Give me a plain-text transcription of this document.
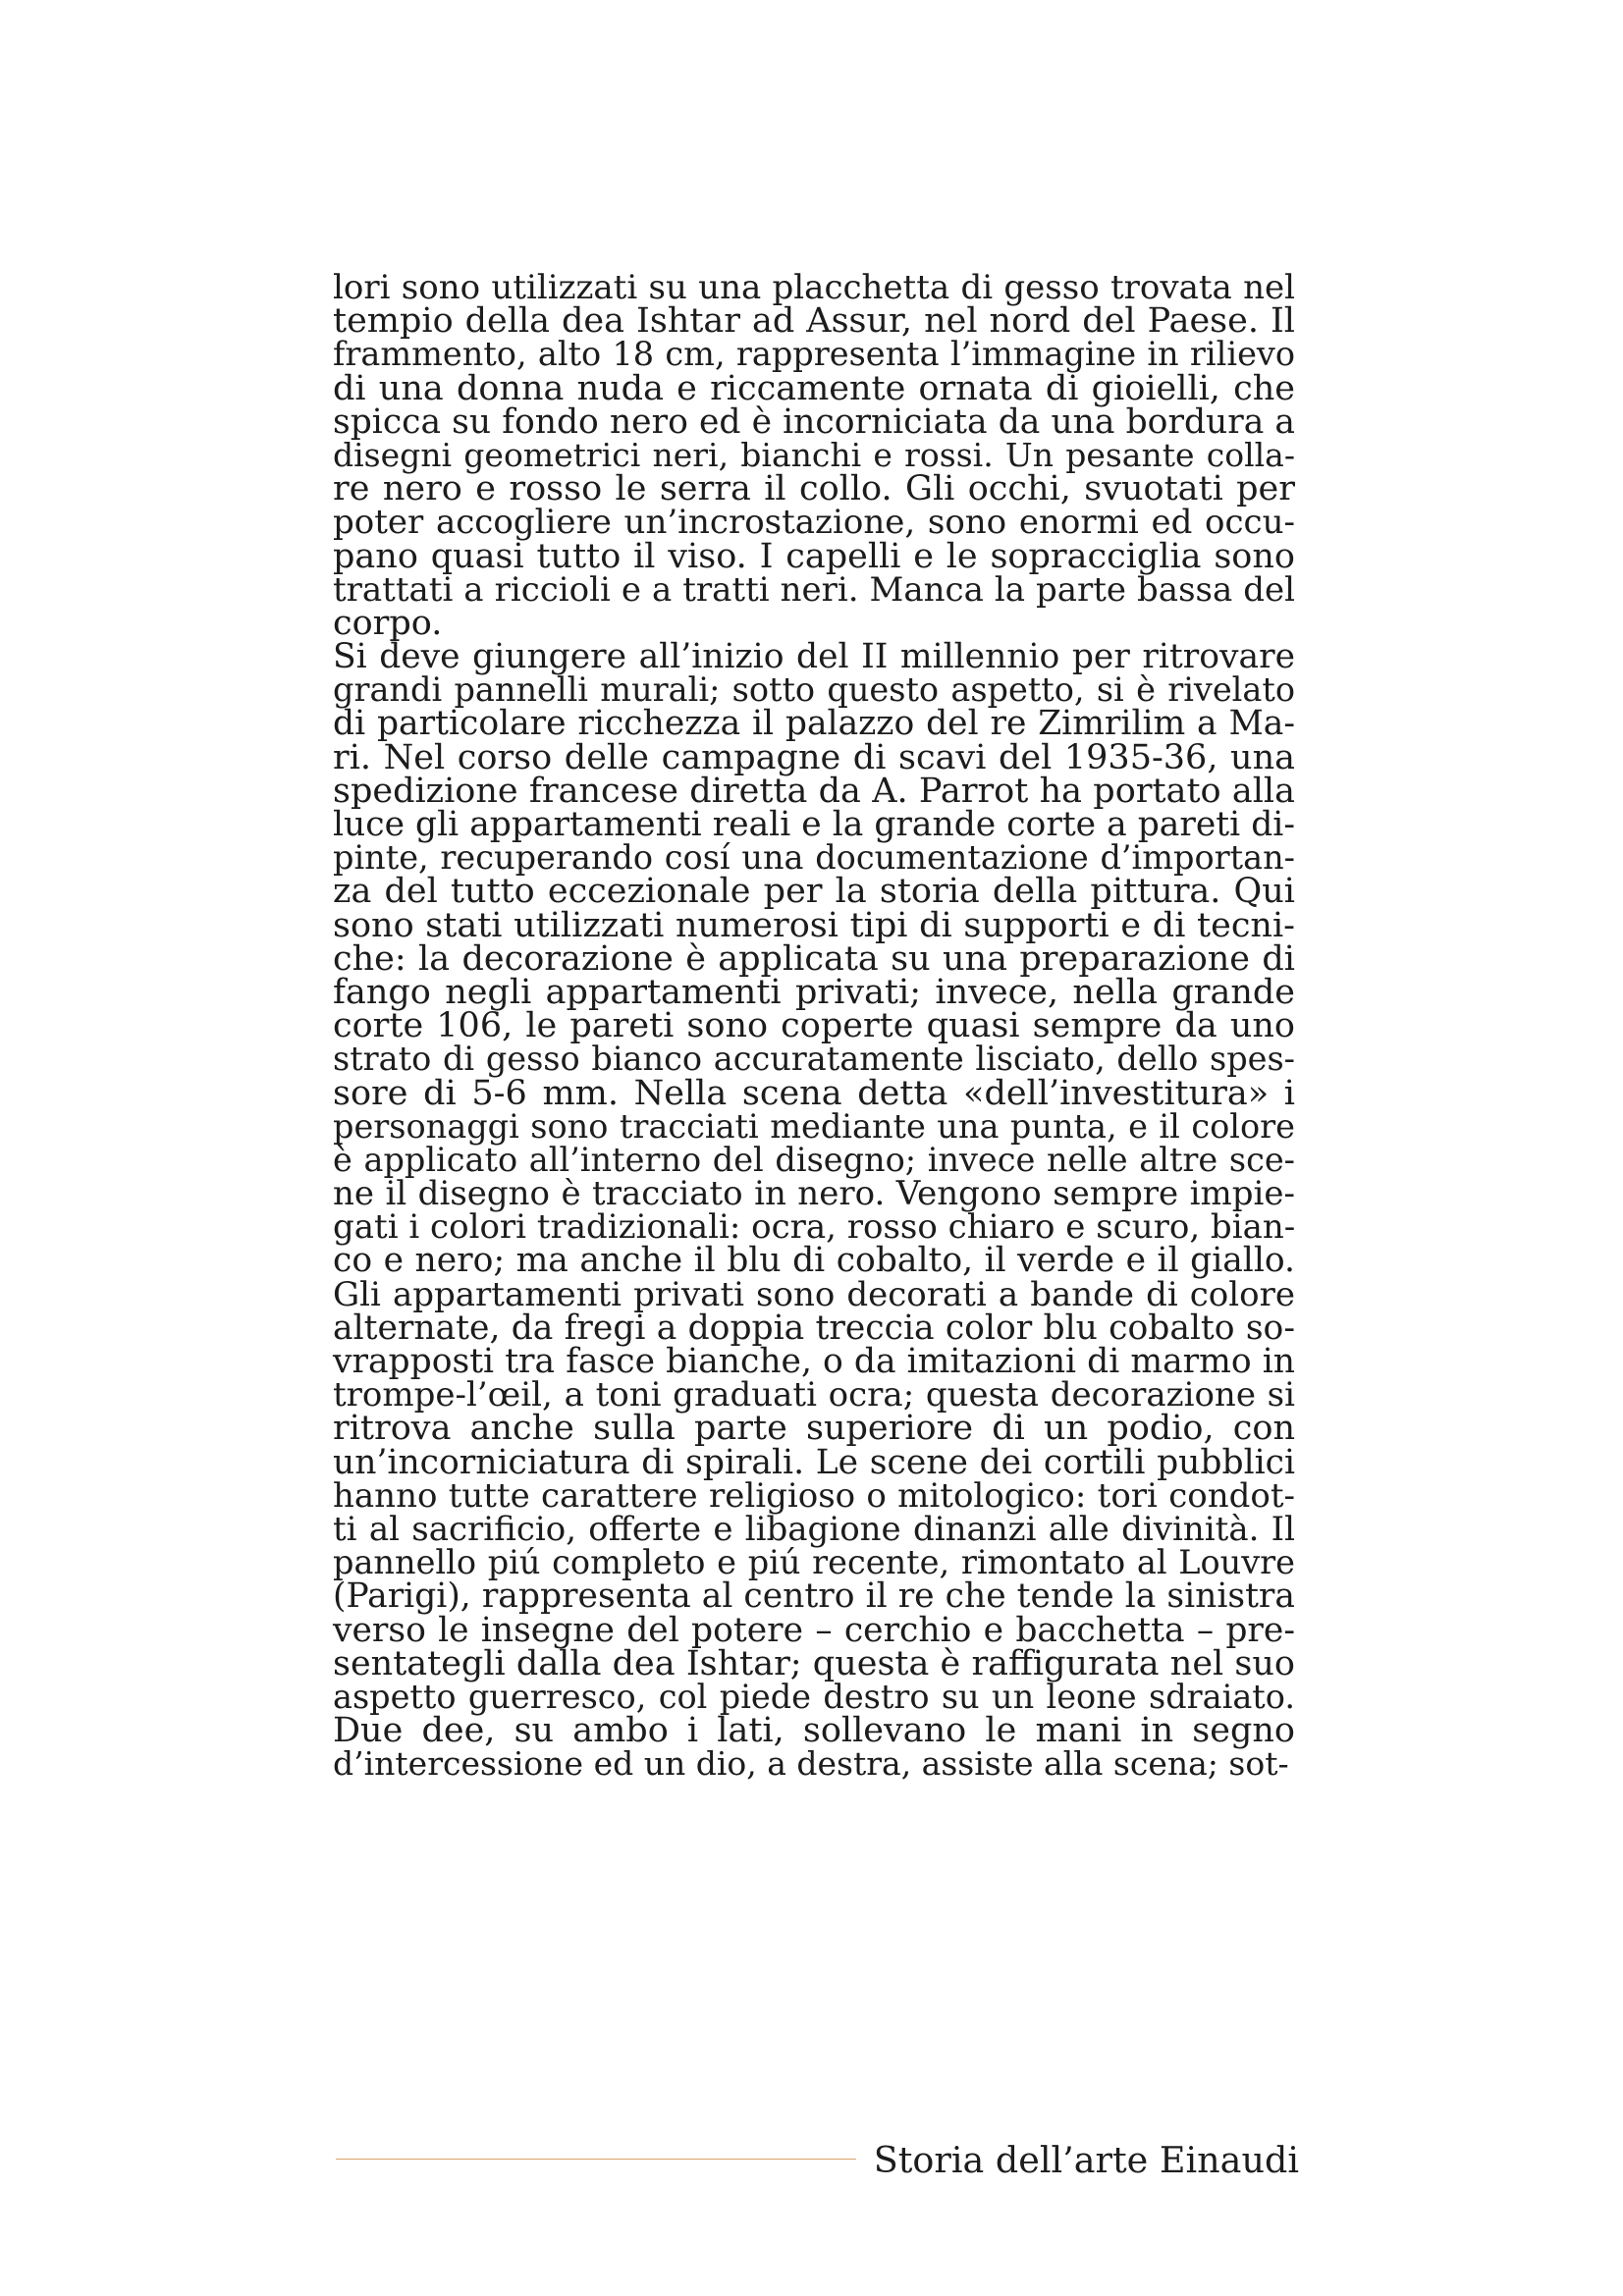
lori sono utilizzati su una placchetta di gesso trovata nel
tempio della dea Ishtar ad Assur, nel nord del Paese. Il
frammento, alto 18 cm, rappresenta l’immagine in rilievo
di una donna nuda e riccamente ornata di gioielli, che
spicca su fondo nero ed è incorniciata da una bordura a
disegni geometrici neri, bianchi e rossi. Un pesante colla-
re nero e rosso le serra il collo. Gli occhi, svuotati per
poter accogliere un’incrostazione, sono enormi ed occu-
pano quasi tutto il viso. I capelli e le sopracciglia sono
trattati a riccioli e a tratti neri. Manca la parte bassa del
corpo.
Si deve giungere all’inizio del II millennio per ritrovare
grandi pannelli murali; sotto questo aspetto, si è rivelato
di particolare ricchezza il palazzo del re Zimrilim a Ma-
ri. Nel corso delle campagne di scavi del 1935-36, una
spedizione francese diretta da A. Parrot ha portato alla
luce gli appartamenti reali e la grande corte a pareti di-
pinte, recuperando cosí una documentazione d’importan-
za del tutto eccezionale per la storia della pittura. Qui
sono stati utilizzati numerosi tipi di supporti e di tecni-
che: la decorazione è applicata su una preparazione di
fango negli appartamenti privati; invece, nella grande
corte 106, le pareti sono coperte quasi sempre da uno
strato di gesso bianco accuratamente lisciato, dello spes-
sore di 5-6 mm. Nella scena detta «dell’investitura» i
personaggi sono tracciati mediante una punta, e il colore
è applicato all’interno del disegno; invece nelle altre sce-
ne il disegno è tracciato in nero. Vengono sempre impie-
gati i colori tradizionali: ocra, rosso chiaro e scuro, bian-
co e nero; ma anche il blu di cobalto, il verde e il giallo.
Gli appartamenti privati sono decorati a bande di colore
alternate, da fregi a doppia treccia color blu cobalto so-
vrapposti tra fasce bianche, o da imitazioni di marmo in
trompe-l’œil, a toni graduati ocra; questa decorazione si
ritrova anche sulla parte superiore di un podio, con
un’incorniciatura di spirali. Le scene dei cortili pubblici
hanno tutte carattere religioso o mitologico: tori condot-
ti al sacrificio, offerte e libagione dinanzi alle divinità. Il
pannello piú completo e piú recente, rimontato al Louvre
(Parigi), rappresenta al centro il re che tende la sinistra
verso le insegne del potere – cerchio e bacchetta – pre-
sentategli dalla dea Ishtar; questa è raffigurata nel suo
aspetto guerresco, col piede destro su un leone sdraiato.
Due dee, su ambo i lati, sollevano le mani in segno
d’intercessione ed un dio, a destra, assiste alla scena; sot-
Storia dell’arte Einaudi
